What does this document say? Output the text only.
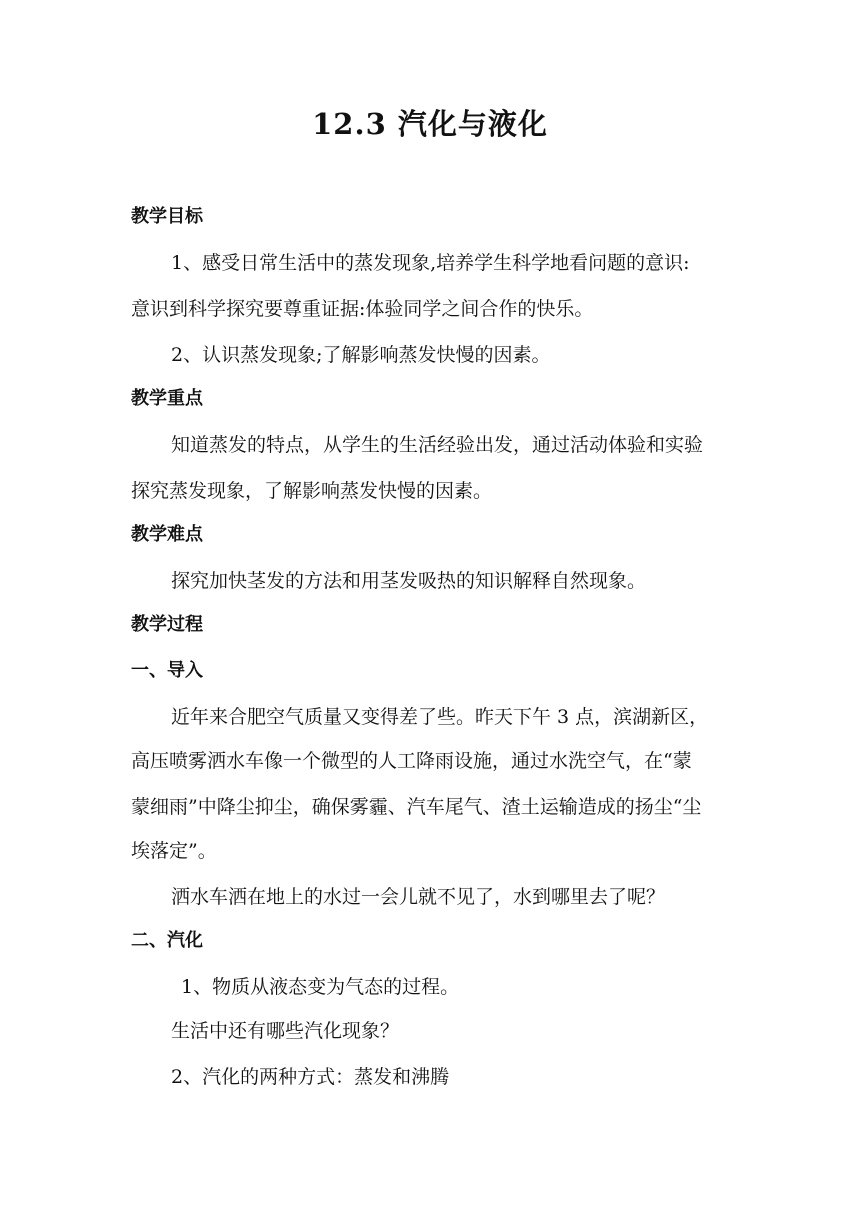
12.3 汽化与液化
教学目标
1、感受日常生活中的蒸发现象,培养学生科学地看问题的意识:
意识到科学探究要尊重证据:体验同学之间合作的快乐。
2、认识蒸发现象;了解影响蒸发快慢的因素。
教学重点
知道蒸发的特点，从学生的生活经验出发，通过活动体验和实验
探究蒸发现象，了解影响蒸发快慢的因素。
教学难点
探究加快茎发的方法和用茎发吸热的知识解释自然现象。
教学过程
一、导入
近年来合肥空气质量又变得差了些。昨天下午 3 点，滨湖新区，
高压喷雾洒水车像一个微型的人工降雨设施，通过水洗空气，在“蒙
蒙细雨”中降尘抑尘，确保雾霾、汽车尾气、渣土运输造成的扬尘“尘
埃落定”。
洒水车洒在地上的水过一会儿就不见了，水到哪里去了呢？
二、汽化
1、物质从液态变为气态的过程。
生活中还有哪些汽化现象？
2、汽化的两种方式：蒸发和沸腾
